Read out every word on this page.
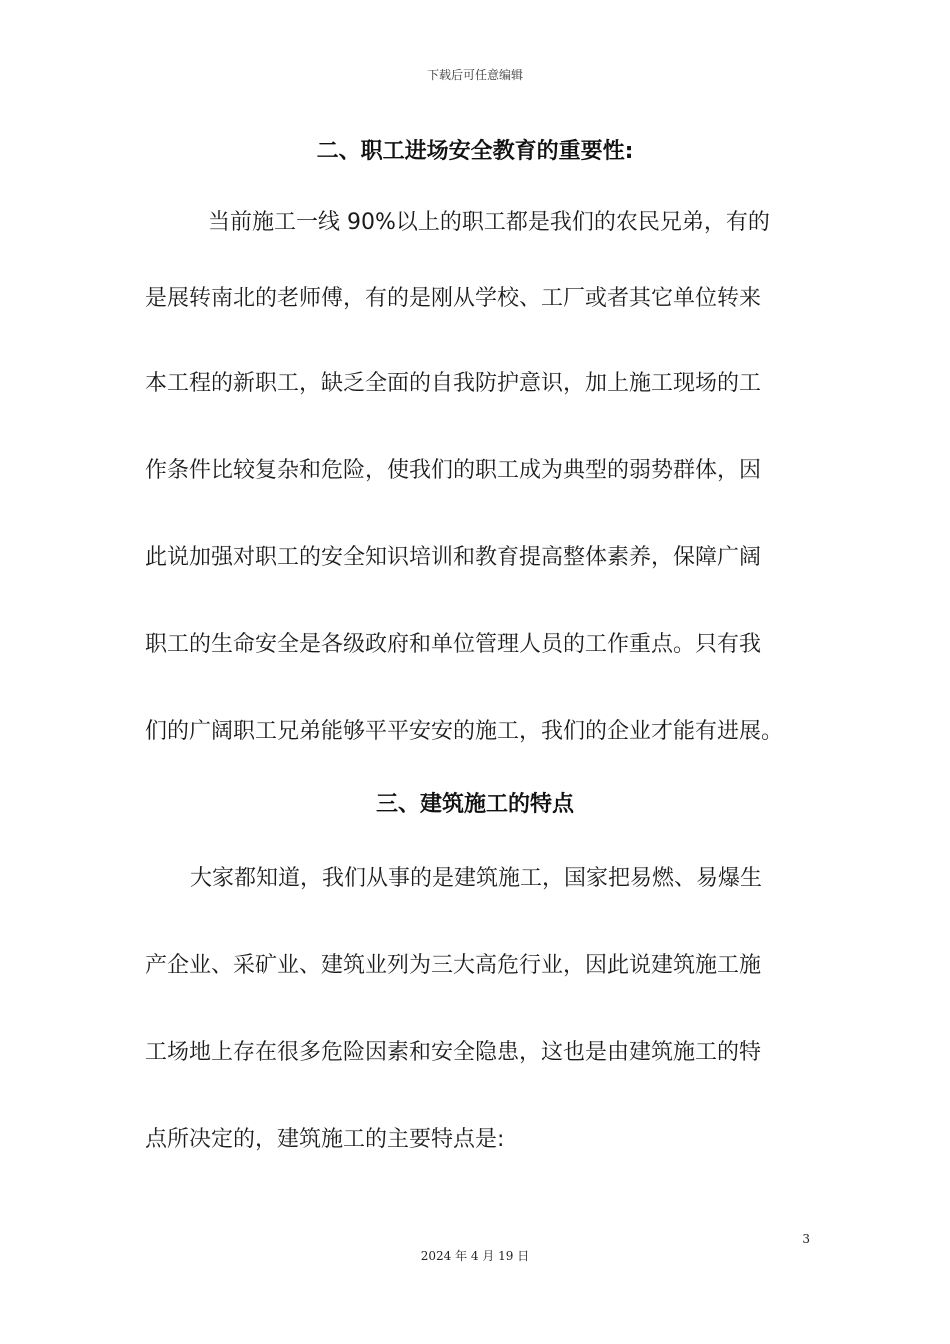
下载后可任意编辑
二、职工进场安全教育的重要性:
当前施工一线 90%以上的职工都是我们的农民兄弟，有的
是展转南北的老师傅，有的是刚从学校、工厂或者其它单位转来
本工程的新职工，缺乏全面的自我防护意识，加上施工现场的工
作条件比较复杂和危险，使我们的职工成为典型的弱势群体，因
此说加强对职工的安全知识培训和教育提高整体素养，保障广阔
职工的生命安全是各级政府和单位管理人员的工作重点。只有我
们的广阔职工兄弟能够平平安安的施工，我们的企业才能有进展。
三、建筑施工的特点
大家都知道，我们从事的是建筑施工，国家把易燃、易爆生
产企业、采矿业、建筑业列为三大高危行业，因此说建筑施工施
工场地上存在很多危险因素和安全隐患，这也是由建筑施工的特
点所决定的，建筑施工的主要特点是:
3
2024 年 4 月 19 日
